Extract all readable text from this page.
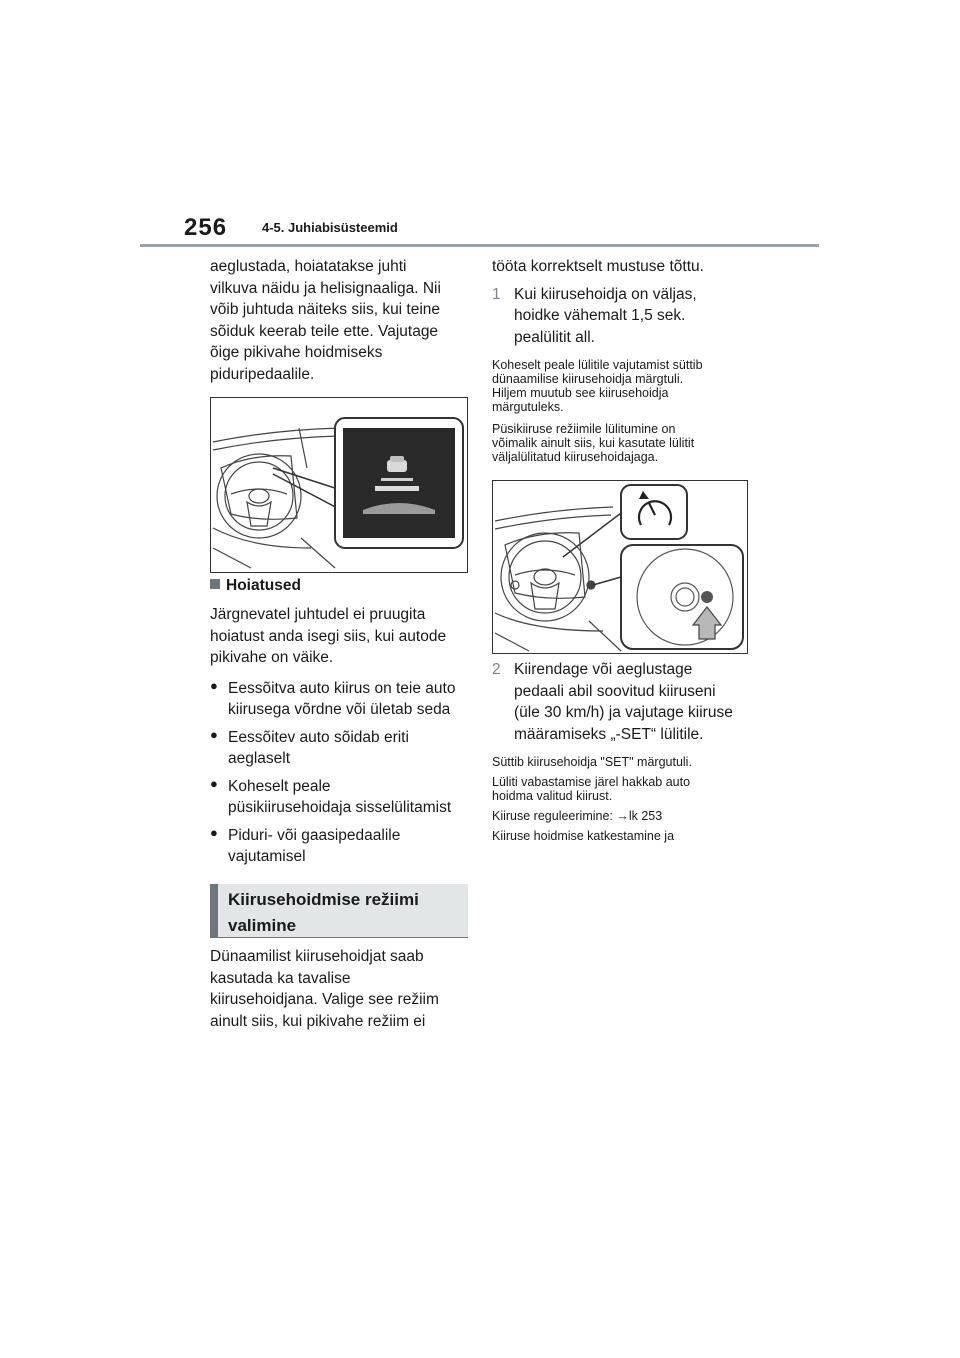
256	4-5. Juhiabisüsteemid

aeglustada, hoiatatakse juhti

vilkuva näidu ja helisignaaliga. Nii

võib juhtuda näiteks siis, kui teine

sõiduk keerab teile ette. Vajutage

õige pikivahe hoidmiseks

piduripedaalile.

Hoiatused

Järgnevatel juhtudel ei pruugita

hoiatust anda isegi siis, kui autode

pikivahe on väike.

● Eessõitva auto kiirus on teie auto

kiirusega võrdne või ületab seda

● Eessõitev auto sõidab eriti

aeglaselt

● Koheselt peale

püsikiirusehoidaja sisselülitamist

● Piduri- või gaasipedaalile

vajutamisel

Kiirusehoidmise režiimi
valimine

Dünaamilist kiirusehoidjat saab

kasutada ka tavalise

kiirusehoidjana. Valige see režiim

ainult siis, kui pikivahe režiim ei

tööta korrektselt mustuse tõttu.

1 Kui kiirusehoidja on väljas,

hoidke vähemalt 1,5 sek.

pealülitit all.

Koheselt peale lülitile vajutamist süttib

dünaamilise kiirusehoidja märgtuli.

Hiljem muutub see kiirusehoidja

märgutuleks.

Püsikiiruse režiimile lülitumine on

võimalik ainult siis, kui kasutate lülitit

väljalülitatud kiirusehoidajaga.

2 Kiirendage või aeglustage

pedaali abil soovitud kiiruseni

(üle 30 km/h) ja vajutage kiiruse

määramiseks „-SET“ lülitile.

Süttib kiirusehoidja "SET" märgutuli.

Lüliti vabastamise järel hakkab auto

hoidma valitud kiirust.

Kiiruse reguleerimine: →lk 253

Kiiruse hoidmise katkestamine ja
